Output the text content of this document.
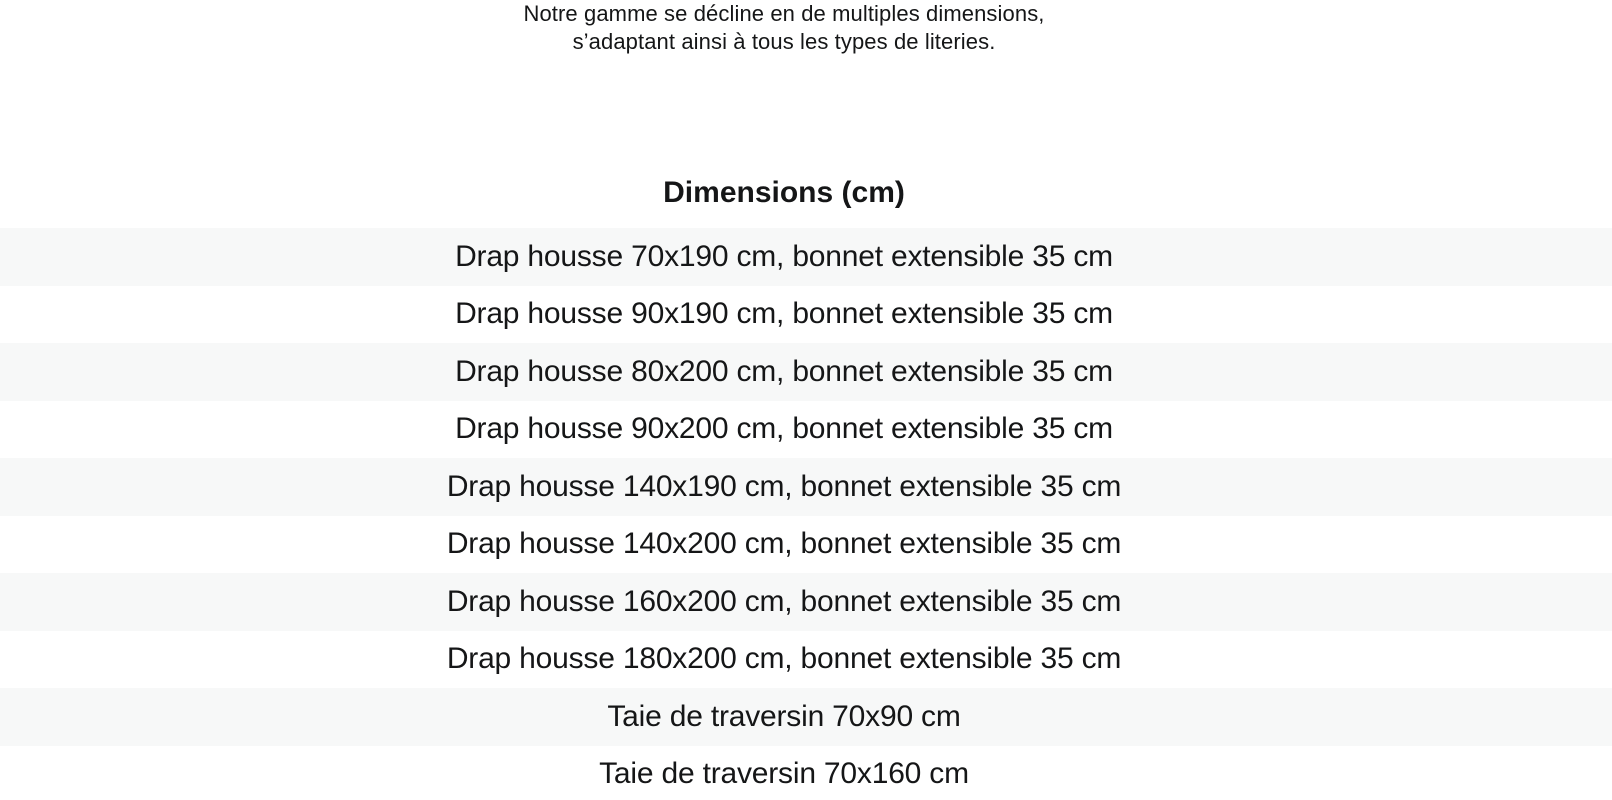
Notre gamme se décline en de multiples dimensions,
s’adaptant ainsi à tous les types de literies.
Dimensions (cm)
Drap housse 70x190 cm, bonnet extensible 35 cm
Drap housse 90x190 cm, bonnet extensible 35 cm
Drap housse 80x200 cm, bonnet extensible 35 cm
Drap housse 90x200 cm, bonnet extensible 35 cm
Drap housse 140x190 cm, bonnet extensible 35 cm
Drap housse 140x200 cm, bonnet extensible 35 cm
Drap housse 160x200 cm, bonnet extensible 35 cm
Drap housse 180x200 cm, bonnet extensible 35 cm
Taie de traversin 70x90 cm
Taie de traversin 70x160 cm
